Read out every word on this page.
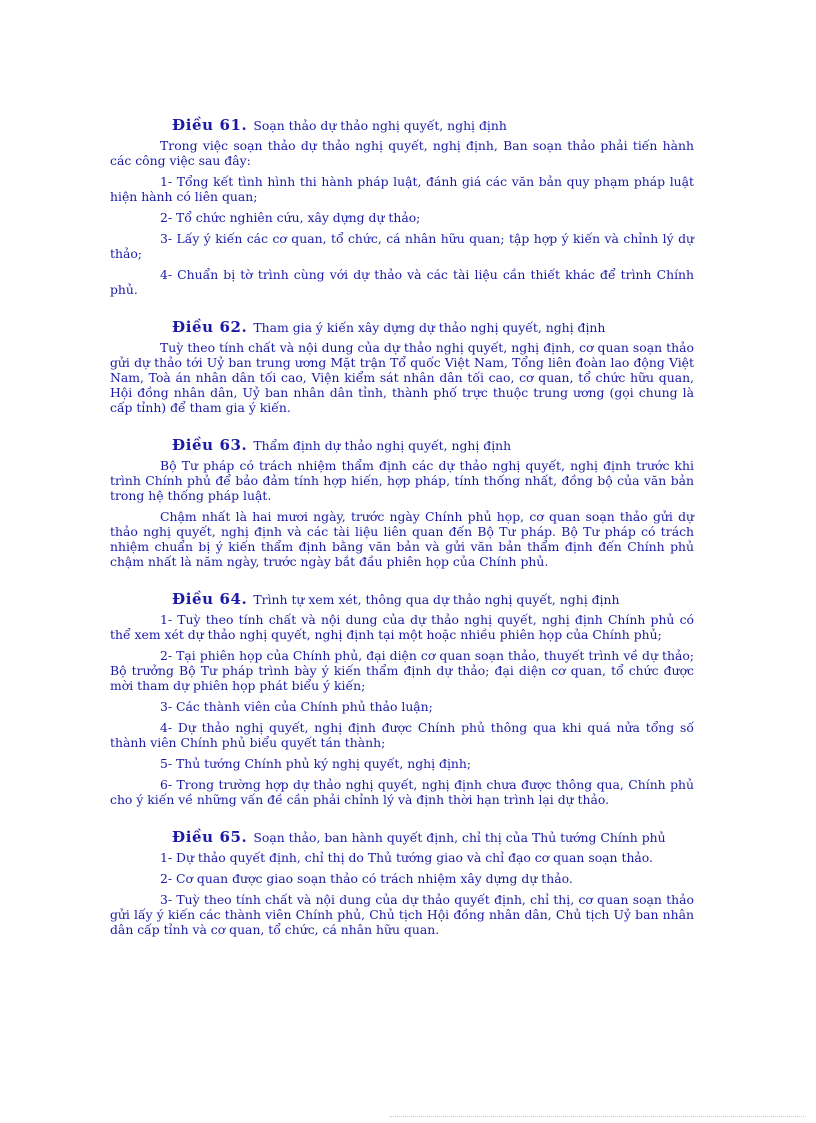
Điều 61. Soạn thảo dự thảo nghị quyết, nghị định

Trong việc soạn thảo dự thảo nghị quyết, nghị định, Ban soạn thảo phải tiến hành các công việc sau đây:

1- Tổng kết tình hình thi hành pháp luật, đánh giá các văn bản quy phạm pháp luật hiện hành có liên quan;

2- Tổ chức nghiên cứu, xây dựng dự thảo;

3- Lấy ý kiến các cơ quan, tổ chức, cá nhân hữu quan; tập hợp ý kiến và chỉnh lý dự thảo;

4- Chuẩn bị tờ trình cùng với dự thảo và các tài liệu cần thiết khác để trình Chính phủ.

Điều 62. Tham gia ý kiến xây dựng dự thảo nghị quyết, nghị định

Tuỳ theo tính chất và nội dung của dự thảo nghị quyết, nghị định, cơ quan soạn thảo gửi dự thảo tới Uỷ ban trung ương Mặt trận Tổ quốc Việt Nam, Tổng liên đoàn lao động Việt Nam, Toà án nhân dân tối cao, Viện kiểm sát nhân dân tối cao, cơ quan, tổ chức hữu quan, Hội đồng nhân dân, Uỷ ban nhân dân tỉnh, thành phố trực thuộc trung ương (gọi chung là cấp tỉnh) để tham gia ý kiến.

Điều 63. Thẩm định dự thảo nghị quyết, nghị định

Bộ Tư pháp có trách nhiệm thẩm định các dự thảo nghị quyết, nghị định trước khi trình Chính phủ để bảo đảm tính hợp hiến, hợp pháp, tính thống nhất, đồng bộ của văn bản trong hệ thống pháp luật.

Chậm nhất là hai mươi ngày, trước ngày Chính phủ họp, cơ quan soạn thảo gửi dự thảo nghị quyết, nghị định và các tài liệu liên quan đến Bộ Tư pháp. Bộ Tư pháp có trách nhiệm chuẩn bị ý kiến thẩm định bằng văn bản và gửi văn bản thẩm định đến Chính phủ chậm nhất là năm ngày, trước ngày bắt đầu phiên họp của Chính phủ.

Điều 64. Trình tự xem xét, thông qua dự thảo nghị quyết, nghị định

1- Tuỳ theo tính chất và nội dung của dự thảo nghị quyết, nghị định Chính phủ có thể xem xét dự thảo nghị quyết, nghị định tại một hoặc nhiều phiên họp của Chính phủ;

2- Tại phiên họp của Chính phủ, đại diện cơ quan soạn thảo, thuyết trình về dự thảo; Bộ trưởng Bộ Tư pháp trình bày ý kiến thẩm định dự thảo; đại diện cơ quan, tổ chức được mời tham dự phiên họp phát biểu ý kiến;

3- Các thành viên của Chính phủ thảo luận;

4- Dự thảo nghị quyết, nghị định được Chính phủ thông qua khi quá nửa tổng số thành viên Chính phủ biểu quyết tán thành;

5- Thủ tướng Chính phủ ký nghị quyết, nghị định;

6- Trong trường hợp dự thảo nghị quyết, nghị định chưa được thông qua, Chính phủ cho ý kiến về những vấn đề cần phải chỉnh lý và định thời hạn trình lại dự thảo.

Điều 65. Soạn thảo, ban hành quyết định, chỉ thị của Thủ tướng Chính phủ

1- Dự thảo quyết định, chỉ thị do Thủ tướng giao và chỉ đạo cơ quan soạn thảo.

2- Cơ quan được giao soạn thảo có trách nhiệm xây dựng dự thảo.

3- Tuỳ theo tính chất và nội dung của dự thảo quyết định, chỉ thị, cơ quan soạn thảo gửi lấy ý kiến các thành viên Chính phủ, Chủ tịch Hội đồng nhân dân, Chủ tịch Uỷ ban nhân dân cấp tỉnh và cơ quan, tổ chức, cá nhân hữu quan.
